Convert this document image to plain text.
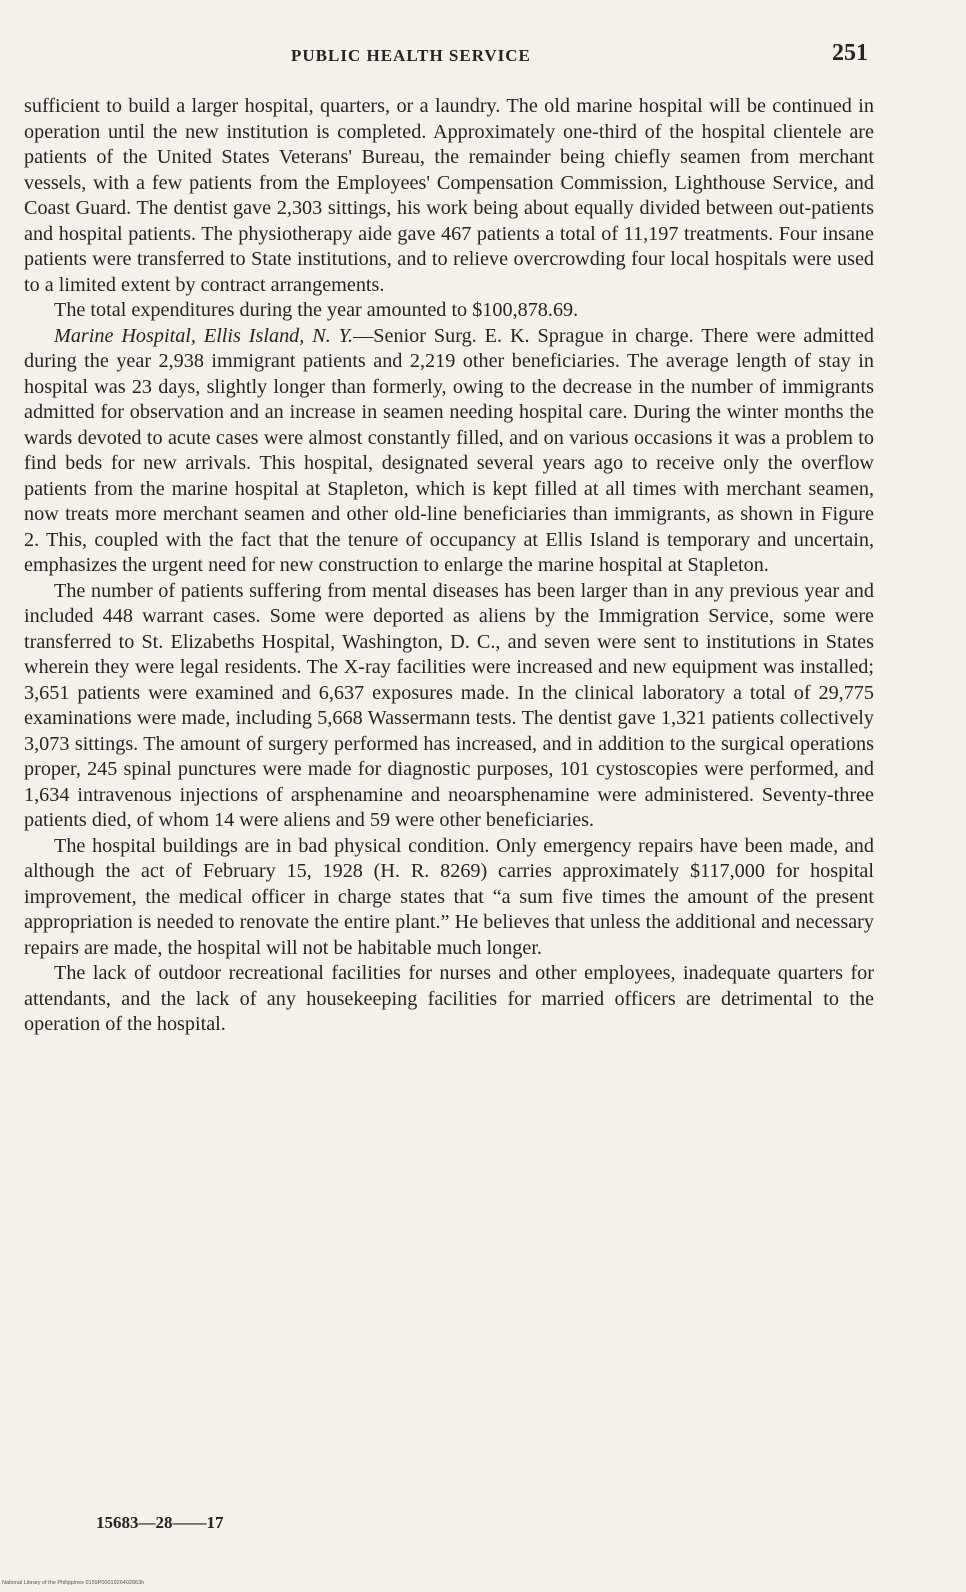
PUBLIC HEALTH SERVICE	251

sufficient to build a larger hospital, quarters, or a laundry. The old marine hospital will be continued in operation until the new institution is completed. Approximately one-third of the hospital clientele are patients of the United States Veterans' Bureau, the remainder being chiefly seamen from merchant vessels, with a few patients from the Employees' Compensation Commission, Lighthouse Service, and Coast Guard. The dentist gave 2,303 sittings, his work being about equally divided between out-patients and hospital patients. The physiotherapy aide gave 467 patients a total of 11,197 treatments. Four insane patients were transferred to State institutions, and to relieve overcrowding four local hospitals were used to a limited extent by contract arrangements.

The total expenditures during the year amounted to $100,878.69.

Marine Hospital, Ellis Island, N. Y.—Senior Surg. E. K. Sprague in charge. There were admitted during the year 2,938 immigrant patients and 2,219 other beneficiaries. The average length of stay in hospital was 23 days, slightly longer than formerly, owing to the decrease in the number of immigrants admitted for observation and an increase in seamen needing hospital care. During the winter months the wards devoted to acute cases were almost constantly filled, and on various occasions it was a problem to find beds for new arrivals. This hospital, designated several years ago to receive only the overflow patients from the marine hospital at Stapleton, which is kept filled at all times with merchant seamen, now treats more merchant seamen and other old-line beneficiaries than immigrants, as shown in Figure 2. This, coupled with the fact that the tenure of occupancy at Ellis Island is temporary and uncertain, emphasizes the urgent need for new construction to enlarge the marine hospital at Stapleton.

The number of patients suffering from mental diseases has been larger than in any previous year and included 448 warrant cases. Some were deported as aliens by the Immigration Service, some were transferred to St. Elizabeths Hospital, Washington, D. C., and seven were sent to institutions in States wherein they were legal residents. The X-ray facilities were increased and new equipment was installed; 3,651 patients were examined and 6,637 exposures made. In the clinical laboratory a total of 29,775 examinations were made, including 5,668 Wassermann tests. The dentist gave 1,321 patients collectively 3,073 sittings. The amount of surgery performed has increased, and in addition to the surgical operations proper, 245 spinal punctures were made for diagnostic purposes, 101 cystoscopies were performed, and 1,634 intravenous injections of arsphenamine and neoarsphenamine were administered. Seventy-three patients died, of whom 14 were aliens and 59 were other beneficiaries.

The hospital buildings are in bad physical condition. Only emergency repairs have been made, and although the act of February 15, 1928 (H. R. 8269) carries approximately $117,000 for hospital improvement, the medical officer in charge states that “a sum five times the amount of the present appropriation is needed to renovate the entire plant.” He believes that unless the additional and necessary repairs are made, the hospital will not be habitable much longer.

The lack of outdoor recreational facilities for nurses and other employees, inadequate quarters for attendants, and the lack of any housekeeping facilities for married officers are detrimental to the operation of the hospital.

15683—28——17
National Library of the Philippines 0159P0001926402863h
